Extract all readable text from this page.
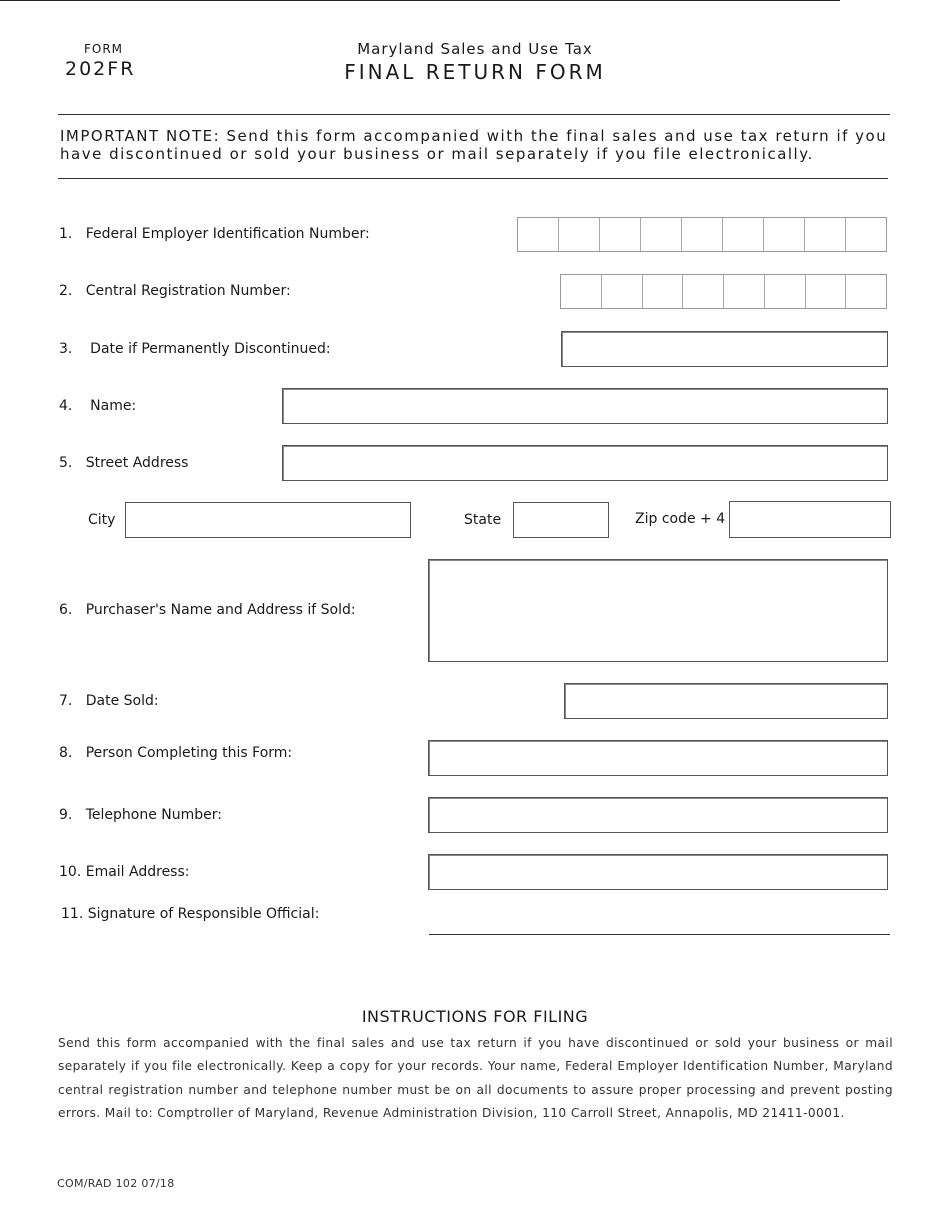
FORM
202FR
Maryland Sales and Use Tax
FINAL RETURN FORM
IMPORTANT NOTE: Send this form accompanied with the final sales and use tax return if you have discontinued or sold your business or mail separately if you file electronically.
1. Federal Employer Identification Number:
2. Central Registration Number:
3. Date if Permanently Discontinued:
4. Name:
5. Street Address
City	State	Zip code + 4
6. Purchaser's Name and Address if Sold:
7. Date Sold:
8. Person Completing this Form:
9. Telephone Number:
10. Email Address:
11. Signature of Responsible Official:
INSTRUCTIONS FOR FILING
Send this form accompanied with the final sales and use tax return if you have discontinued or sold your business or mail separately if you file electronically. Keep a copy for your records. Your name, Federal Employer Identification Number, Maryland central registration number and telephone number must be on all documents to assure proper processing and prevent posting errors. Mail to: Comptroller of Maryland, Revenue Administration Division, 110 Carroll Street, Annapolis, MD 21411-0001.
COM/RAD 102 07/18
